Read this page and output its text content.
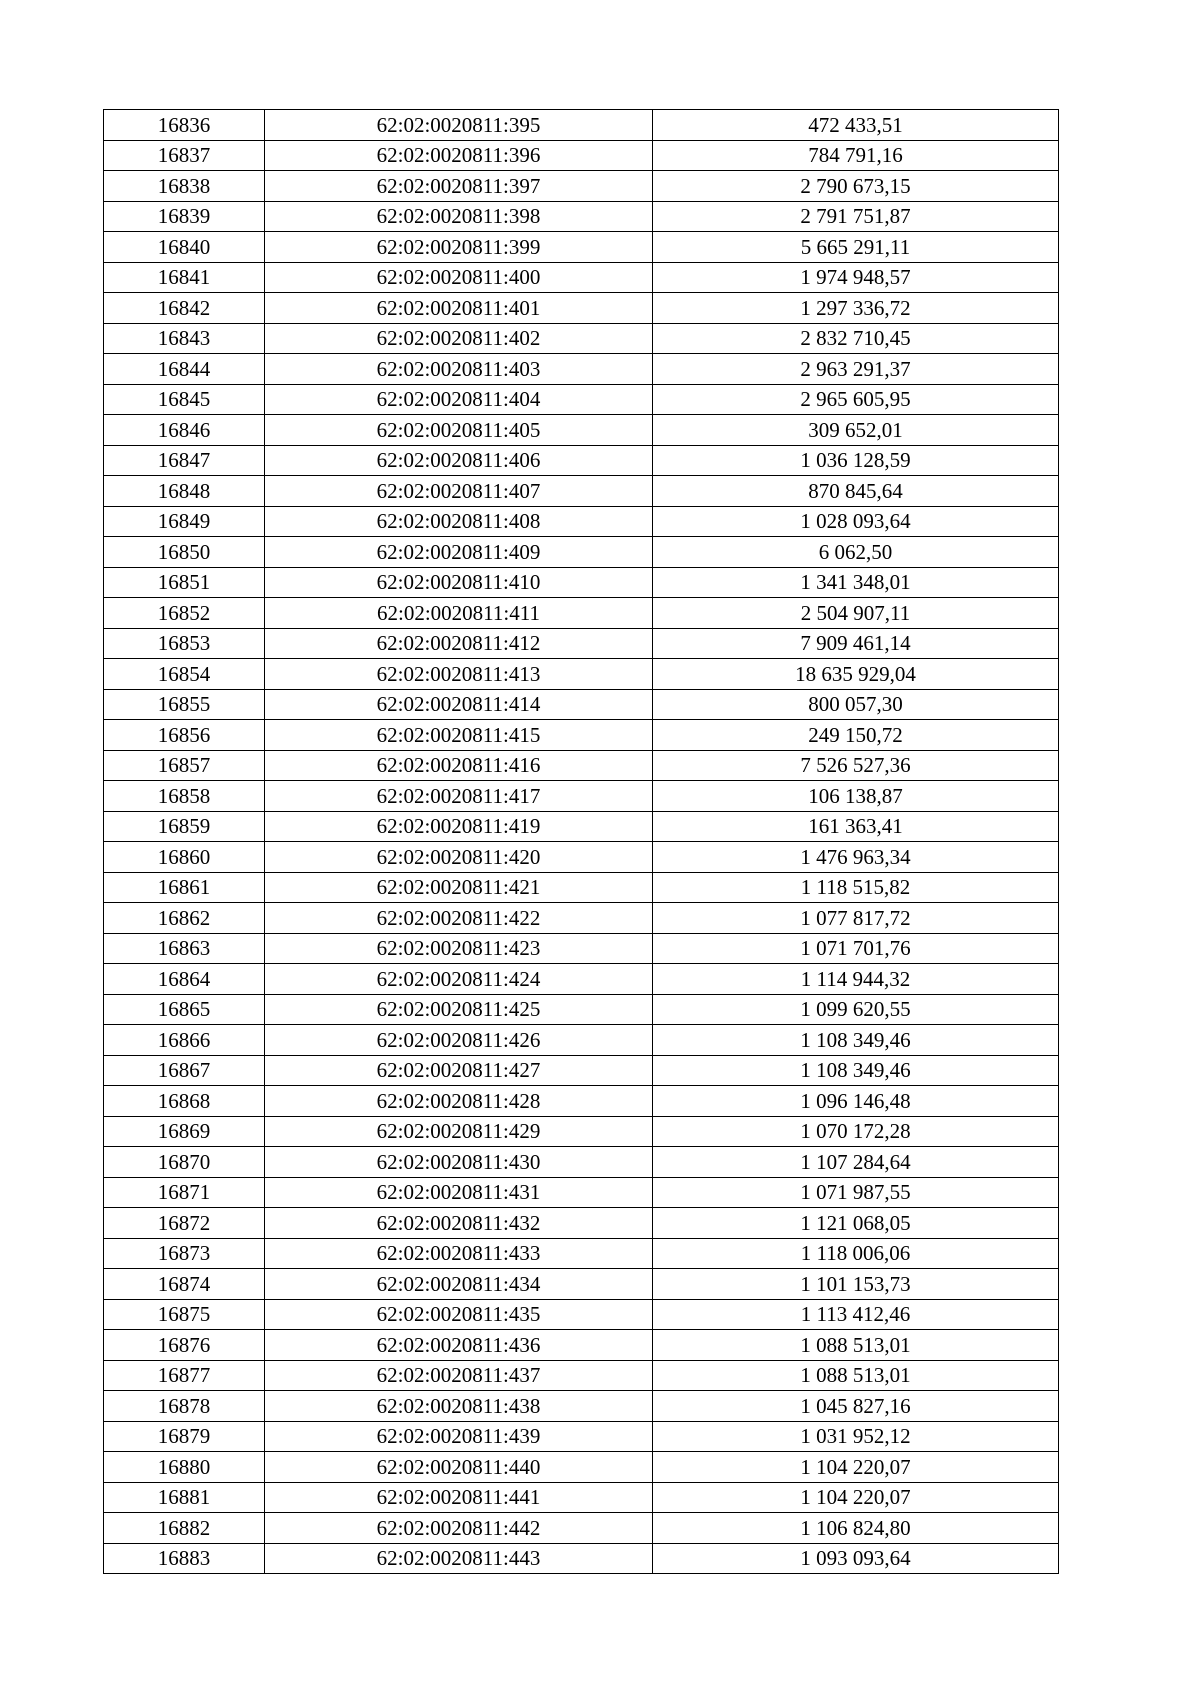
16836	62:02:0020811:395	472 433,51
16837	62:02:0020811:396	784 791,16
16838	62:02:0020811:397	2 790 673,15
16839	62:02:0020811:398	2 791 751,87
16840	62:02:0020811:399	5 665 291,11
16841	62:02:0020811:400	1 974 948,57
16842	62:02:0020811:401	1 297 336,72
16843	62:02:0020811:402	2 832 710,45
16844	62:02:0020811:403	2 963 291,37
16845	62:02:0020811:404	2 965 605,95
16846	62:02:0020811:405	309 652,01
16847	62:02:0020811:406	1 036 128,59
16848	62:02:0020811:407	870 845,64
16849	62:02:0020811:408	1 028 093,64
16850	62:02:0020811:409	6 062,50
16851	62:02:0020811:410	1 341 348,01
16852	62:02:0020811:411	2 504 907,11
16853	62:02:0020811:412	7 909 461,14
16854	62:02:0020811:413	18 635 929,04
16855	62:02:0020811:414	800 057,30
16856	62:02:0020811:415	249 150,72
16857	62:02:0020811:416	7 526 527,36
16858	62:02:0020811:417	106 138,87
16859	62:02:0020811:419	161 363,41
16860	62:02:0020811:420	1 476 963,34
16861	62:02:0020811:421	1 118 515,82
16862	62:02:0020811:422	1 077 817,72
16863	62:02:0020811:423	1 071 701,76
16864	62:02:0020811:424	1 114 944,32
16865	62:02:0020811:425	1 099 620,55
16866	62:02:0020811:426	1 108 349,46
16867	62:02:0020811:427	1 108 349,46
16868	62:02:0020811:428	1 096 146,48
16869	62:02:0020811:429	1 070 172,28
16870	62:02:0020811:430	1 107 284,64
16871	62:02:0020811:431	1 071 987,55
16872	62:02:0020811:432	1 121 068,05
16873	62:02:0020811:433	1 118 006,06
16874	62:02:0020811:434	1 101 153,73
16875	62:02:0020811:435	1 113 412,46
16876	62:02:0020811:436	1 088 513,01
16877	62:02:0020811:437	1 088 513,01
16878	62:02:0020811:438	1 045 827,16
16879	62:02:0020811:439	1 031 952,12
16880	62:02:0020811:440	1 104 220,07
16881	62:02:0020811:441	1 104 220,07
16882	62:02:0020811:442	1 106 824,80
16883	62:02:0020811:443	1 093 093,64
